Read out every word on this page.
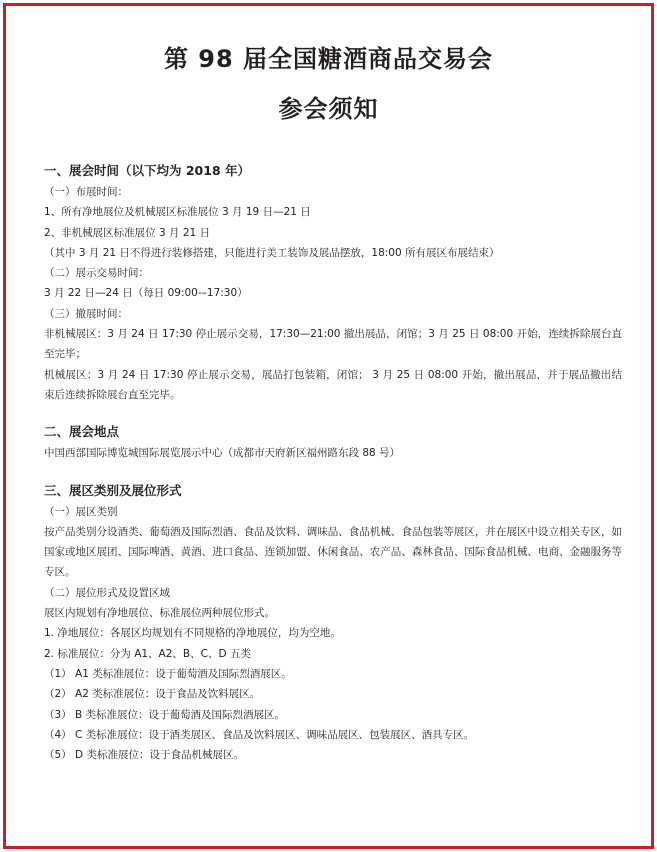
第 98 届全国糖酒商品交易会
参会须知
一、展会时间（以下均为 2018 年）
（一）布展时间：
1、所有净地展位及机械展区标准展位 3 月 19 日—21 日
2、非机械展区标准展位 3 月 21 日
（其中 3 月 21 日不得进行装修搭建，只能进行美工装饰及展品摆放，18:00 所有展区布展结束）
（二）展示交易时间：
3 月 22 日—24 日（每日 09:00-–17:30）
（三）撤展时间：
非机械展区：3 月 24 日 17:30 停止展示交易，17:30—21:00 撤出展品，闭馆；3 月 25 日 08:00 开始，连续拆除展台直至完毕；
机械展区：3 月 24 日 17:30 停止展示交易，展品打包装箱，闭馆； 3 月 25 日 08:00 开始，撤出展品，并于展品撤出结束后连续拆除展台直至完毕。
二、展会地点
中国西部国际博览城国际展览展示中心（成都市天府新区福州路东段 88 号）
三、展区类别及展位形式
（一）展区类别
按产品类别分设酒类、葡萄酒及国际烈酒、食品及饮料、调味品、食品机械、食品包装等展区，并在展区中设立相关专区，如国家或地区展团、国际啤酒、黄酒、进口食品、连锁加盟、休闲食品、农产品、森林食品、国际食品机械、电商、金融服务等专区。
（二）展位形式及设置区域
展区内规划有净地展位、标准展位两种展位形式。
1. 净地展位：各展区均规划有不同规格的净地展位，均为空地。
2. 标准展位：分为 A1、A2、B、C、D 五类
（1） A1 类标准展位：设于葡萄酒及国际烈酒展区。
（2） A2 类标准展位：设于食品及饮料展区。
（3） B 类标准展位：设于葡萄酒及国际烈酒展区。
（4） C 类标准展位：设于酒类展区、食品及饮料展区、调味品展区、包装展区、酒具专区。
（5） D 类标准展位：设于食品机械展区。
